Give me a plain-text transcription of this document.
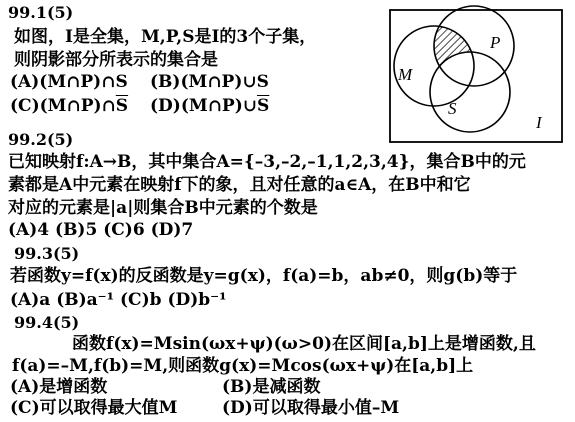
99.1(5)
如图，I是全集，M,P,S是I的3个子集，
则阴影部分所表示的集合是
(A)(M∩P)∩S (B)(M∩P)∪S
$(C)(M\cap P)\cap\overline{S}$ $(D)(M\cap P)\cup\overline{S}$
M
P
S
I
99.2(5)
已知映射f:A→B，其中集合A={–3,–2,–1,1,2,3,4}，集合B中的元
素都是A中元素在映射f下的象，且对任意的a∈A，在B中和它
对应的元素是|a|则集合B中元素的个数是
(A)4 (B)5 (C)6 (D)7
99.3(5)
若函数y=f(x)的反函数是y=g(x)，f(a)=b，ab≠0，则g(b)等于
(A)a (B)a⁻¹ (C)b (D)b⁻¹
99.4(5)
函数f(x)=Msin(ωx+ψ)(ω>0)在区间[a,b]上是增函数,且
f(a)=–M,f(b)=M,则函数g(x)=Mcos(ωx+ψ)在[a,b]上
(A)是增函数	(B)是减函数
(C)可以取得最大值M	(D)可以取得最小值–M
